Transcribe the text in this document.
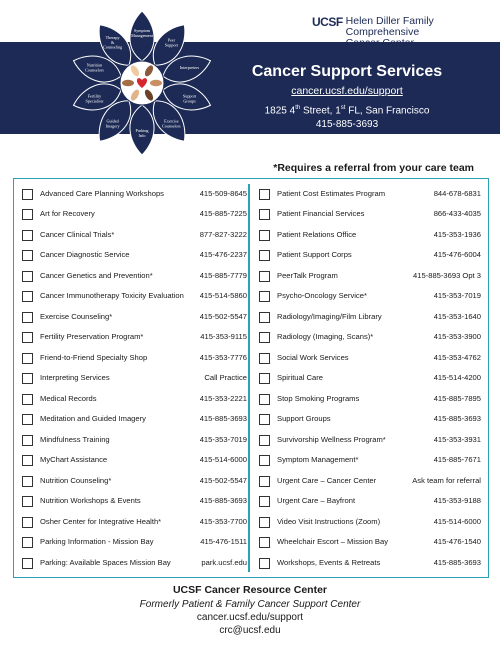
Symptom Management
Peer Support
Interpreters
Support Groups
Exercise Counselors
Parking Info
Guided Imagery
Fertility Specialists
Nutrition Counselors
Therapy & Counseling
UCSF Helen Diller Family
Comprehensive
Cancer Center
Cancer Support Services
cancer.ucsf.edu/support
1825 4th Street, 1st FL, San Francisco
415-885-3693
*Requires a referral from your care team
Advanced Care Planning Workshops	415-509-8645
Art for Recovery	415-885-7225
Cancer Clinical Trials*	877-827-3222
Cancer Diagnostic Service	415-476-2237
Cancer Genetics and Prevention*	415-885-7779
Cancer Immunotherapy Toxicity Evaluation	415-514-5860
Exercise Counseling*	415-502-5547
Fertility Preservation Program*	415-353-9115
Friend-to-Friend Specialty Shop	415-353-7776
Interpreting Services	Call Practice
Medical Records	415-353-2221
Meditation and Guided Imagery	415-885-3693
Mindfulness Training	415-353-7019
MyChart Assistance	415-514-6000
Nutrition Counseling*	415-502-5547
Nutrition Workshops & Events	415-885-3693
Osher Center for Integrative Health*	415-353-7700
Parking Information - Mission Bay	415-476-1511
Parking: Available Spaces Mission Bay	park.ucsf.edu
Patient Cost Estimates Program	844-678-6831
Patient Financial Services	866-433-4035
Patient Relations Office	415-353-1936
Patient Support Corps	415-476-6004
PeerTalk Program	415-885-3693 Opt 3
Psycho-Oncology Service*	415-353-7019
Radiology/Imaging/Film Library	415-353-1640
Radiology (Imaging, Scans)*	415-353-3900
Social Work Services	415-353-4762
Spiritual Care	415-514-4200
Stop Smoking Programs	415-885-7895
Support Groups	415-885-3693
Survivorship Wellness Program*	415-353-3931
Symptom Management*	415-885-7671
Urgent Care – Cancer Center	Ask team for referral
Urgent Care – Bayfront	415-353-9188
Video Visit Instructions (Zoom)	415-514-6000
Wheelchair Escort – Mission Bay	415-476-1540
Workshops, Events & Retreats	415-885-3693
UCSF Cancer Resource Center
Formerly Patient & Family Cancer Support Center
cancer.ucsf.edu/support
crc@ucsf.edu
